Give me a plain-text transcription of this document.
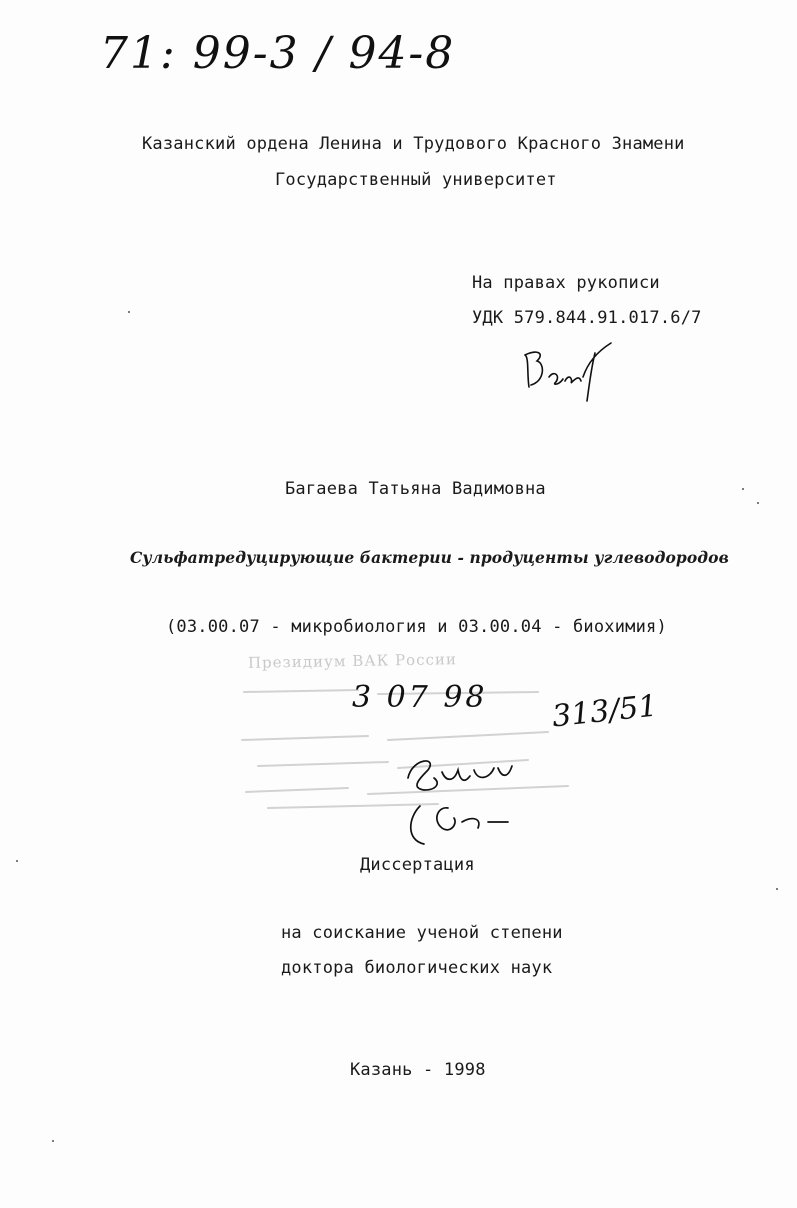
71: 99-3 / 94-8
Казанский ордена Ленина и Трудового Красного Знамени
Государственный университет
На правах рукописи
УДК 579.844.91.017.6/7
Багаева Татьяна Вадимовна
Сульфатредуцирующие бактерии - продуценты углеводородов
(03.00.07 - микробиология и 03.00.04 - биохимия)
Президиум ВАК России
3 07 98 313/51
Диссертация
на соискание ученой степени
доктора биологических наук
Казань - 1998
